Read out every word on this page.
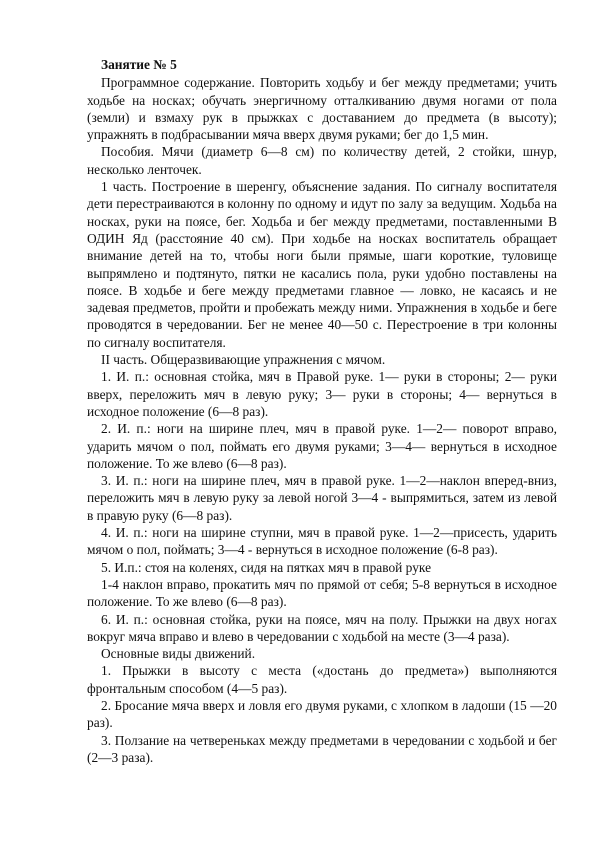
Занятие № 5

Программное содержание. Повторить ходьбу и бег между предметами; учить ходьбе на носках; обучать энергичному отталкиванию двумя ногами от пола (земли) и взмаху рук в прыжках с доставанием до предмета (в высоту); упражнять в подбрасывании мяча вверх двумя руками; бег до 1,5 мин.

Пособия. Мячи (диаметр 6—8 см) по количеству детей, 2 стойки, шнур, несколько ленточек.

1 часть. Построение в шеренгу, объяснение задания. По сигналу воспитателя дети перестраиваются в колонну по одному и идут по залу за ведущим. Ходьба на носках, руки на поясе, бег. Ходьба и бег между предметами, поставленными В ОДИН Яд (расстояние 40 см). При ходьбе на носках воспитатель обращает внимание детей на то, чтобы ноги были прямые, шаги короткие, туловище выпрямлено и подтянуто, пятки не касались пола, руки удобно поставлены на поясе. В ходьбе и беге между предметами главное — ловко, не касаясь и не задевая предметов, пройти и пробежать между ними. Упражнения в ходьбе и беге проводятся в чередовании. Бег не менее 40—50 с. Перестроение в три колонны по сигналу воспитателя.

II часть. Общеразвивающие упражнения с мячом.

1. И. п.: основная стойка, мяч в Правой руке. 1— руки в стороны; 2— руки вверх, переложить мяч в левую руку; 3— руки в стороны; 4— вернуться в исходное положение (6—8 раз).

2. И. п.: ноги на ширине плеч, мяч в правой руке. 1—2— поворот вправо, ударить мячом о пол, поймать его двумя руками; 3—4— вернуться в исходное положение. То же влево (6—8 раз).

3. И. п.: ноги на ширине плеч, мяч в правой руке. 1—2—наклон вперед-вниз, переложить мяч в левую руку за левой ногой 3—4 - выпрямиться, затем из левой в правую руку (6—8 раз).

4. И. п.: ноги на ширине ступни, мяч в правой руке. 1—2—присесть, ударить мячом о пол, поймать; 3—4 - вернуться в исходное положение (6-8 раз).

5. И.п.: стоя на коленях, сидя на пятках мяч в правой руке

1-4 наклон вправо, прокатить мяч по прямой от себя; 5-8 вернуться в исходное положение. То же влево (6—8 раз).

6. И. п.: основная стойка, руки на поясе, мяч на полу. Прыжки на двух ногах вокруг мяча вправо и влево в чередовании с ходьбой на месте (3—4 раза).

Основные виды движений.

1. Прыжки в высоту с места («достань до предмета») выполняются фронтальным способом (4—5 раз).

2. Бросание мяча вверх и ловля его двумя руками, с хлопком в ладоши (15 —20 раз).

3. Ползание на четвереньках между предметами в чередовании с ходьбой и бег (2—3 раза).
